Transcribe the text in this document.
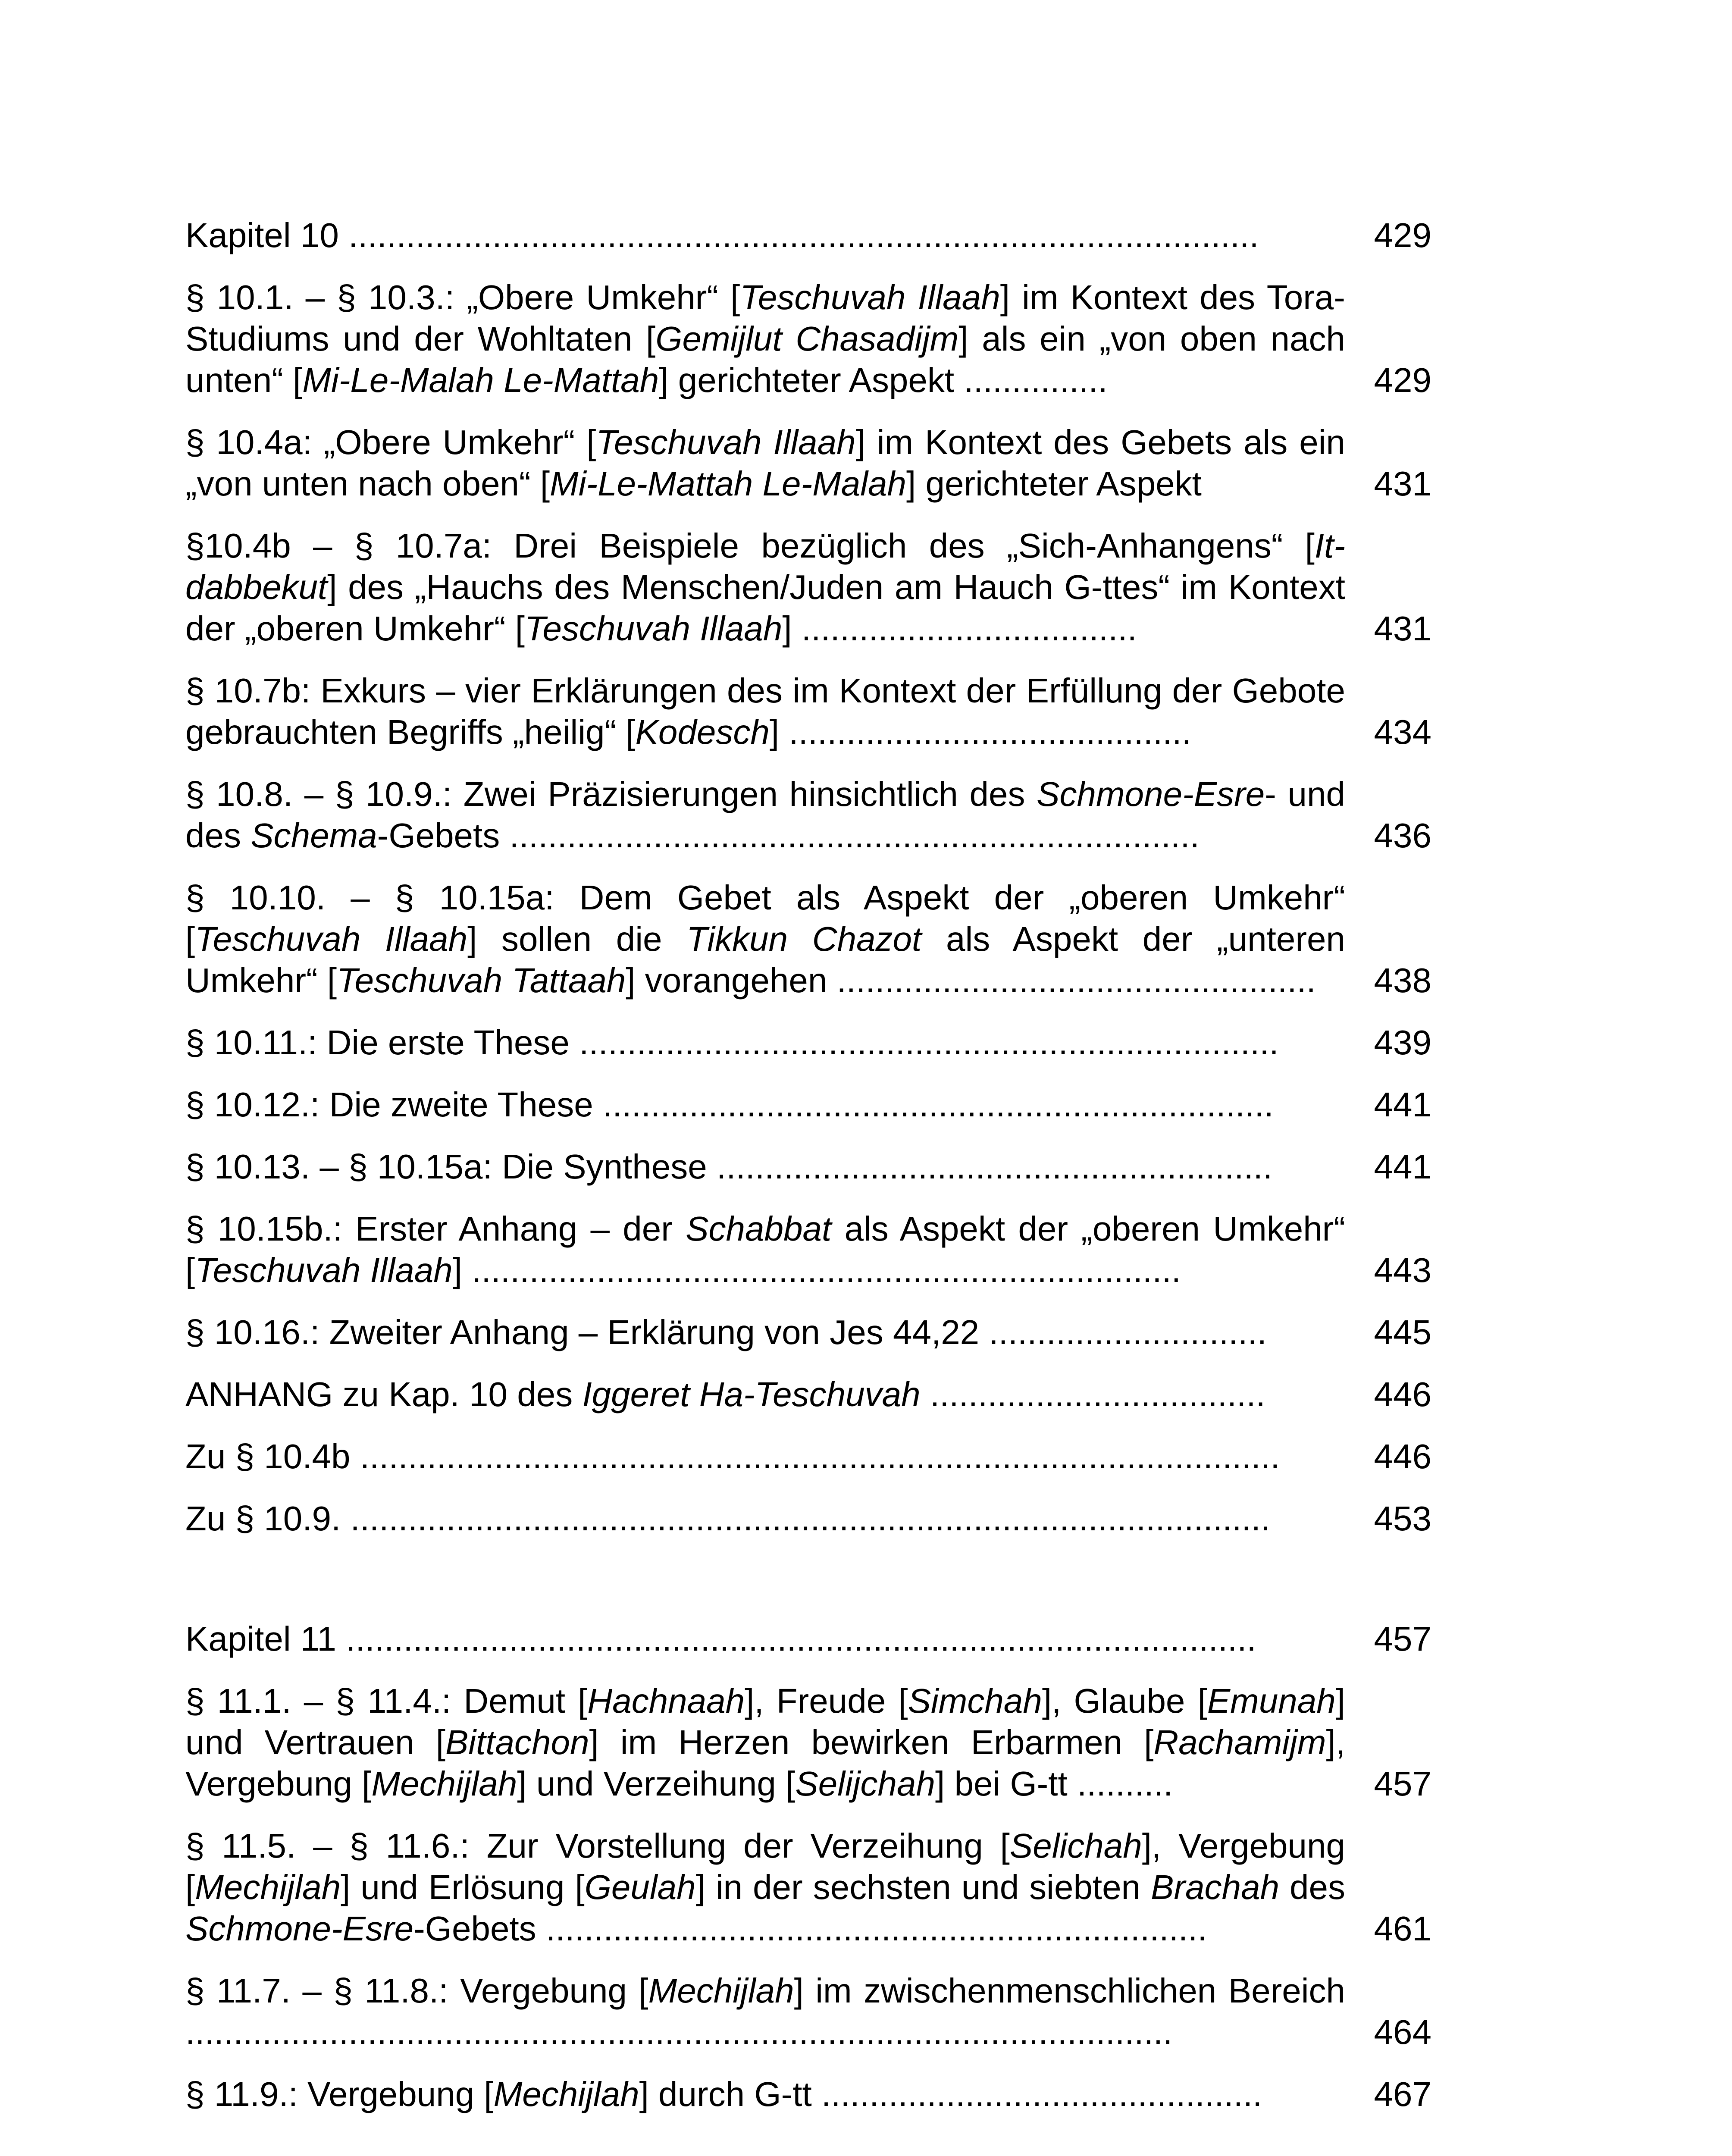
Kapitel 10 ...............................................................................................	429
§ 10.1. – § 10.3.: „Obere Umkehr“ [Teschuvah Illaah] im Kontext des Tora-Studiums und der Wohltaten [Gemijlut Chasadijm] als ein „von oben nach unten“ [Mi-Le-Malah Le-Mattah] gerichteter Aspekt ...............	429
§ 10.4a: „Obere Umkehr“ [Teschuvah Illaah] im Kontext des Gebets als ein „von unten nach oben“ [Mi-Le-Mattah Le-Malah] gerichteter Aspekt	431
§10.4b – § 10.7a: Drei Beispiele bezüglich des „Sich-Anhangens“ [It-dabbekut] des „Hauchs des Menschen/Juden am Hauch G-ttes“ im Kontext der „oberen Umkehr“ [Teschuvah Illaah] ...................................	431
§ 10.7b: Exkurs – vier Erklärungen des im Kontext der Erfüllung der Gebote gebrauchten Begriffs „heilig“ [Kodesch] ..........................................	434
§ 10.8. – § 10.9.: Zwei Präzisierungen hinsichtlich des Schmone-Esre- und des Schema-Gebets ........................................................................	436
§ 10.10. – § 10.15a: Dem Gebet als Aspekt der „oberen Umkehr“ [Teschuvah Illaah] sollen die Tikkun Chazot als Aspekt der „unteren Umkehr“ [Teschuvah Tattaah] vorangehen ..................................................	438
§ 10.11.: Die erste These .........................................................................	439
§ 10.12.: Die zweite These ......................................................................	441
§ 10.13. – § 10.15a: Die Synthese ..........................................................	441
§ 10.15b.: Erster Anhang – der Schabbat als Aspekt der „oberen Umkehr“ [Teschuvah Illaah] ..........................................................................	443
§ 10.16.: Zweiter Anhang – Erklärung von Jes 44,22 .............................	445
ANHANG zu Kap. 10 des Iggeret Ha-Teschuvah ...................................	446
Zu § 10.4b ................................................................................................	446
Zu § 10.9. ................................................................................................	453
Kapitel 11 ...............................................................................................	457
§ 11.1. – § 11.4.: Demut [Hachnaah], Freude [Simchah], Glaube [Emunah] und Vertrauen [Bittachon] im Herzen bewirken Erbarmen [Rachamijm], Vergebung [Mechijlah] und Verzeihung [Selijchah] bei G-tt ..........	457
§ 11.5. – § 11.6.: Zur Vorstellung der Verzeihung [Selichah], Vergebung [Mechijlah] und Erlösung [Geulah] in der sechsten und siebten Brachah des Schmone-Esre-Gebets .....................................................................	461
§ 11.7. – § 11.8.: Vergebung [Mechijlah] im zwischenmenschlichen Bereich .......................................................................................................	464
§ 11.9.: Vergebung [Mechijlah] durch G-tt ..............................................	467
